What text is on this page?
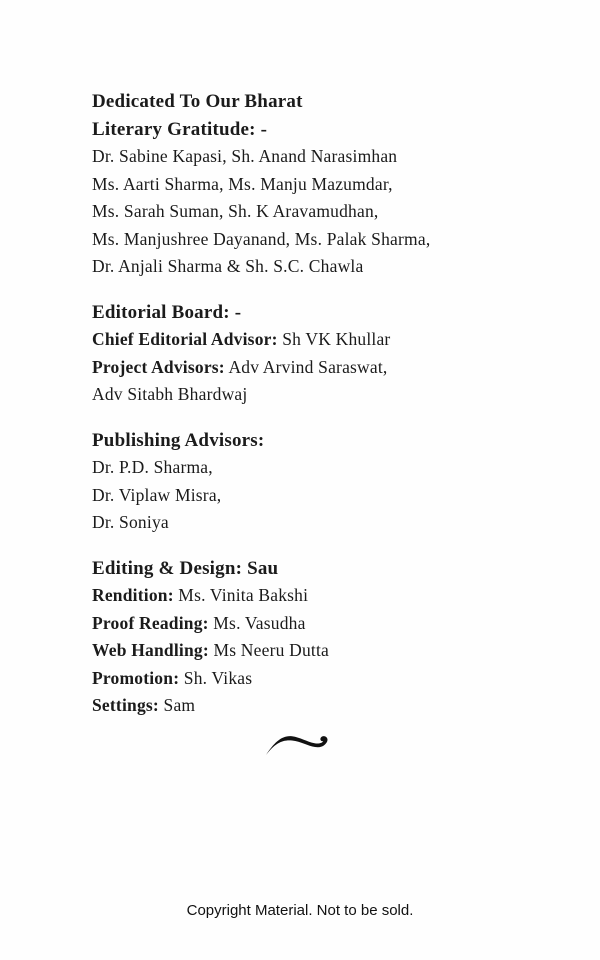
Dedicated To Our Bharat
Literary Gratitude: -
Dr. Sabine Kapasi, Sh. Anand Narasimhan
Ms. Aarti Sharma, Ms. Manju Mazumdar,
Ms. Sarah Suman, Sh. K Aravamudhan,
Ms. Manjushree Dayanand, Ms. Palak Sharma,
Dr. Anjali Sharma & Sh. S.C. Chawla
Editorial Board: -
Chief Editorial Advisor: Sh VK Khullar
Project Advisors: Adv Arvind Saraswat,
Adv Sitabh Bhardwaj
Publishing Advisors:
Dr. P.D. Sharma,
Dr. Viplaw Misra,
Dr. Soniya
Editing & Design: Sau
Rendition: Ms. Vinita Bakshi
Proof Reading: Ms. Vasudha
Web Handling: Ms Neeru Dutta
Promotion: Sh. Vikas
Settings: Sam
Copyright Material. Not to be sold.
